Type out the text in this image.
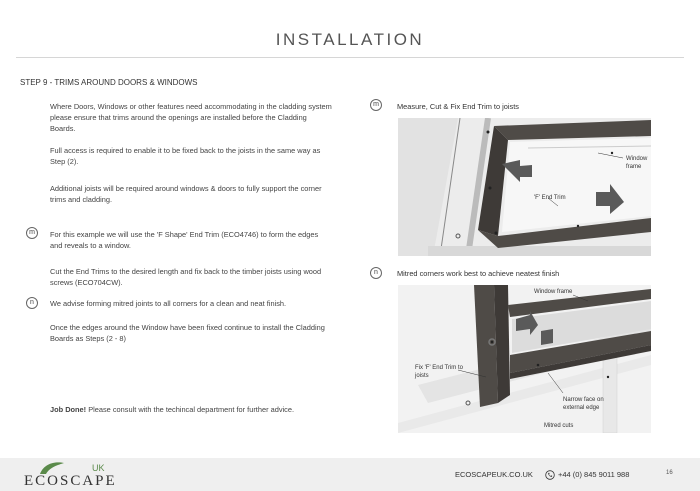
INSTALLATION
STEP 9 - TRIMS AROUND DOORS & WINDOWS
Where Doors, Windows or other features need accommodating in the cladding system please ensure that trims around the openings are installed before the Cladding Boards.
Full access is required to enable it to be fixed back to the joists in the same way as Step (2).
Additional joists will be required around windows & doors to fully support the corner trims and cladding.
m	For this example we will use the 'F Shape' End Trim (ECO4746) to form the edges and reveals to a window.
Cut the End Trims to the desired length and fix back to the timber joists using wood screws (ECO704CW).
n	We advise forming mitred joints to all corners for a clean and neat finish.
Once the edges around the Window have been fixed continue to install the Cladding Boards as Steps (2 - 8)
Job Done! Please consult with the techincal department for further advice.
m	Measure, Cut & Fix End Trim to joists
Window frame
'F' End Trim
n	Mitred corners work best to achieve neatest finish
Window frame
Fix 'F' End Trim to joists
Narrow face on external edge
Mitred cuts
ECOSCAPE
UK
ECOSCAPEUK.CO.UK	+44 (0) 845 9011 988	16
